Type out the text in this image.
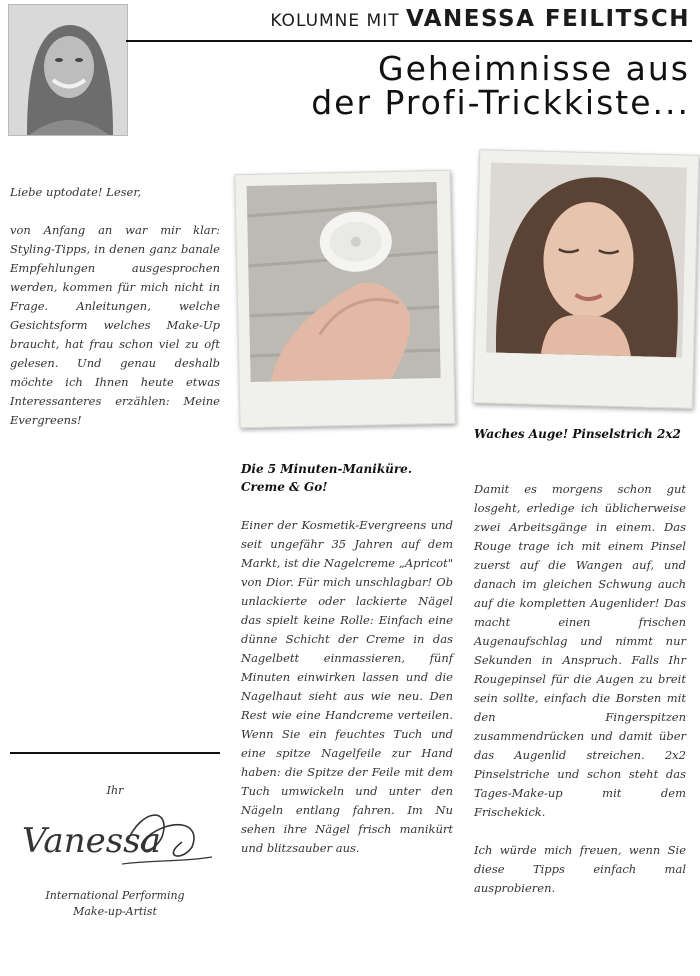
KOLUMNE MIT VANESSA FEILITSCH
Geheimnisse aus
der Profi-Trickkiste...

Liebe uptodate! Leser,

von Anfang an war mir klar: Styling-Tipps, in denen ganz banale Empfehlungen ausgesprochen werden, kommen für mich nicht in Frage. Anleitungen, welche Gesichtsform welches Make-Up braucht, hat frau schon viel zu oft gelesen. Und genau deshalb möchte ich Ihnen heute etwas Interessanteres erzählen: Meine Evergreens!

Die 5 Minuten-Maniküre. Creme & Go!
Waches Auge! Pinselstrich 2x2

Einer der Kosmetik-Evergreens und seit ungefähr 35 Jahren auf dem Markt, ist die Nagelcreme „Apricot" von Dior. Für mich unschlagbar! Ob unlackierte oder lackierte Nägel das spielt keine Rolle: Einfach eine dünne Schicht der Creme in das Nagelbett einmassieren, fünf Minuten einwirken lassen und die Nagelhaut sieht aus wie neu. Den Rest wie eine Handcreme verteilen. Wenn Sie ein feuchtes Tuch und eine spitze Nagelfeile zur Hand haben: die Spitze der Feile mit dem Tuch umwickeln und unter den Nägeln entlang fahren. Im Nu sehen ihre Nägel frisch manikürt und blitzsauber aus.

Damit es morgens schon gut losgeht, erledige ich üblicherweise zwei Arbeitsgänge in einem. Das Rouge trage ich mit einem Pinsel zuerst auf die Wangen auf, und danach im gleichen Schwung auch auf die kompletten Augenlider! Das macht einen frischen Augenaufschlag und nimmt nur Sekunden in Anspruch. Falls Ihr Rougepinsel für die Augen zu breit sein sollte, einfach die Borsten mit den Fingerspitzen zusammendrücken und damit über das Augenlid streichen. 2x2 Pinselstriche und schon steht das Tages-Make-up mit dem Frischekick.

Ich würde mich freuen, wenn Sie diese Tipps einfach mal ausprobieren.

Ihr
Vanessa
International Performing
Make-up-Artist
